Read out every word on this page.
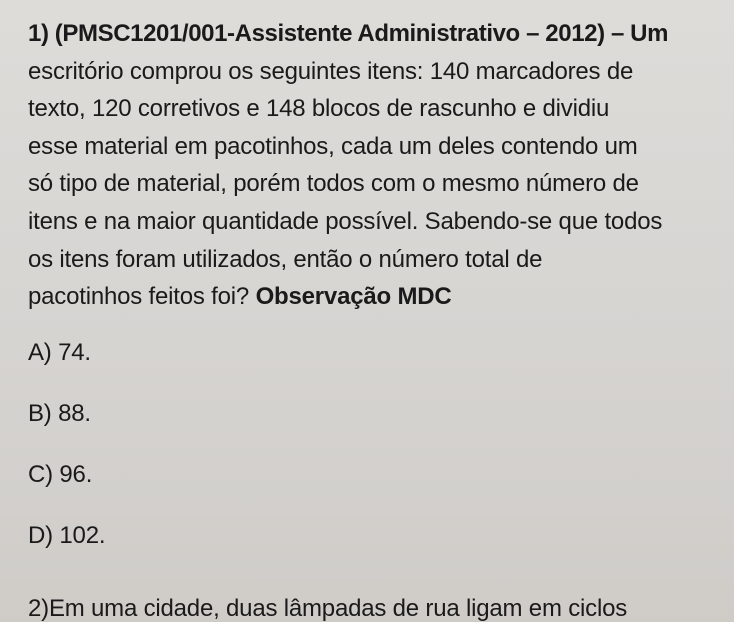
1) (PMSC1201/001-Assistente Administrativo – 2012) – Um
escritório comprou os seguintes itens: 140 marcadores de
texto, 120 corretivos e 148 blocos de rascunho e dividiu
esse material em pacotinhos, cada um deles contendo um
só tipo de material, porém todos com o mesmo número de
itens e na maior quantidade possível. Sabendo-se que todos
os itens foram utilizados, então o número total de
pacotinhos feitos foi? Observação MDC
A) 74.
B) 88.
C) 96.
D) 102.
2)Em uma cidade, duas lâmpadas de rua ligam em ciclos
